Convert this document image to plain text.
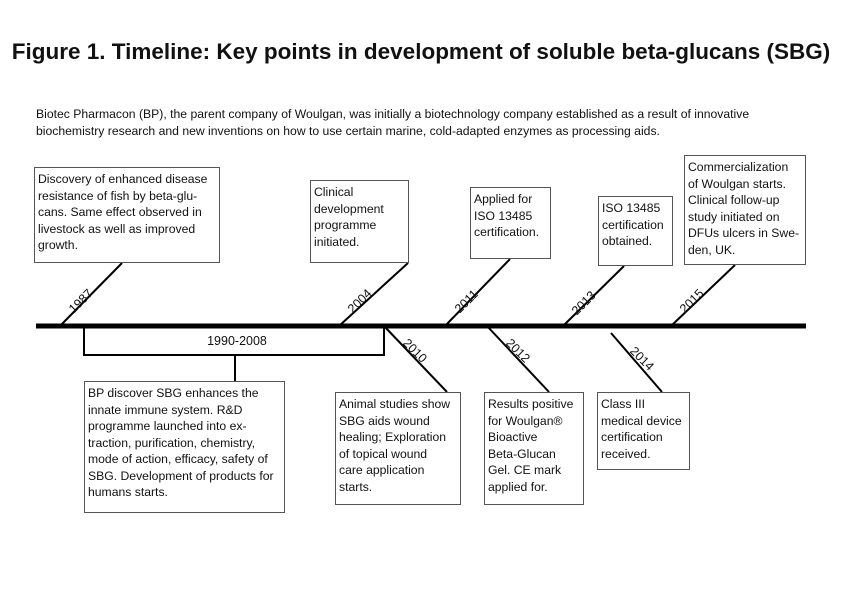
Figure 1. Timeline: Key points in development of soluble beta-glucans (SBG)

Biotec Pharmacon (BP), the parent company of Woulgan, was initially a biotechnology company established as a result of innovative biochemistry research and new inventions on how to use certain marine, cold-adapted enzymes as processing aids.

1990-2008
1987	2004	2011	2013	2015
2010	2012	2014
Discovery of enhanced disease
resistance of fish by beta-glu-
cans. Same effect observed in
livestock as well as improved
growth.
Clinical
development
programme
initiated.
Applied for
ISO 13485
certification.
ISO 13485
certification
obtained.
Commercialization
of Woulgan starts.
Clinical follow-up
study initiated on
DFUs ulcers in Swe-
den, UK.
BP discover SBG enhances the
innate immune system. R&D
programme launched into ex-
traction, purification, chemistry,
mode of action, efficacy, safety of
SBG. Development of products for
humans starts.
Animal studies show
SBG aids wound
healing; Exploration
of topical wound
care application
starts.
Results positive
for Woulgan®
Bioactive
Beta-Glucan
Gel. CE mark
applied for.
Class III
medical device
certification
received.
